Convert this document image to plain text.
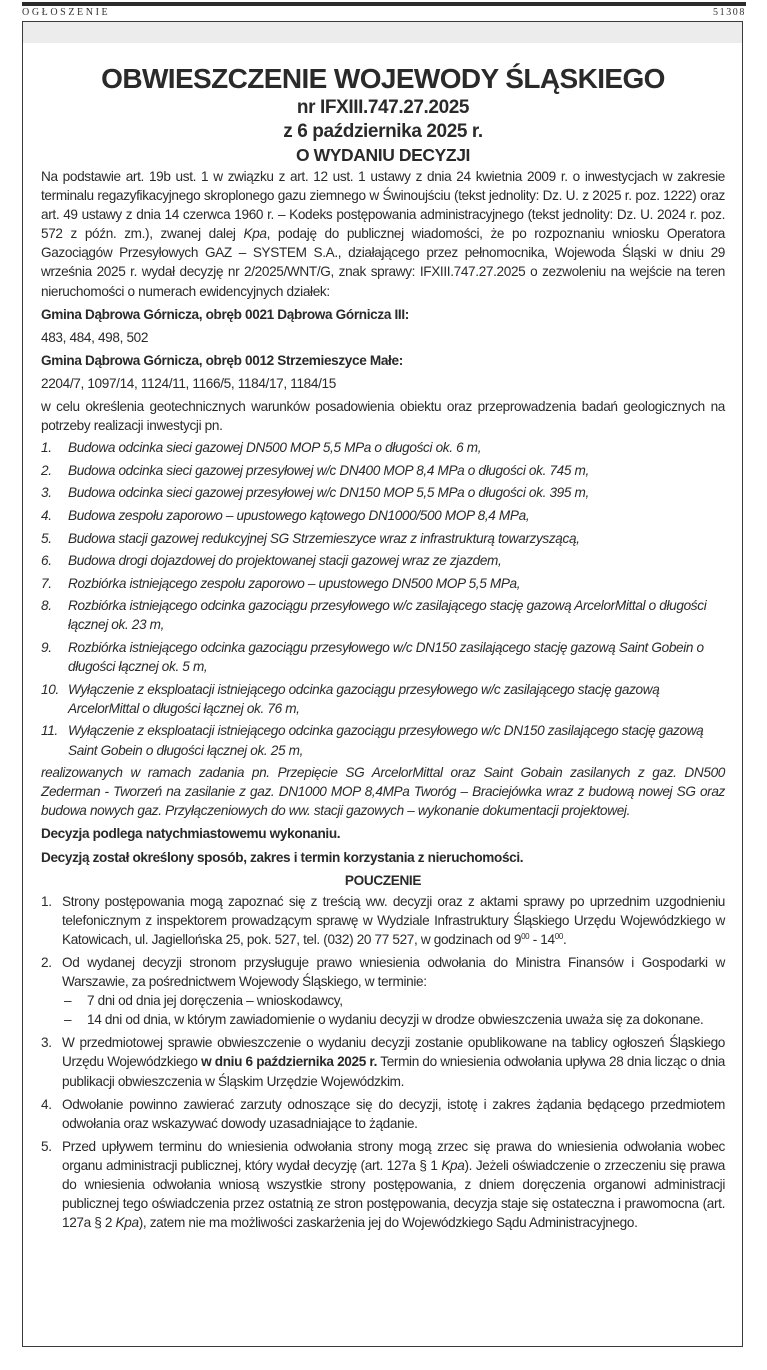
OGŁOSZENIE	51308
OBWIESZCZENIE WOJEWODY ŚLĄSKIEGO
nr IFXIII.747.27.2025
z 6 października 2025 r.
O WYDANIU DECYZJI

Na podstawie art. 19b ust. 1 w związku z art. 12 ust. 1 ustawy z dnia 24 kwietnia 2009 r. o inwestycjach w zakresie terminalu regazyfikacyjnego skroplonego gazu ziemnego w Świnoujściu (tekst jednolity: Dz. U. z 2025 r. poz. 1222) oraz art. 49 ustawy z dnia 14 czerwca 1960 r. – Kodeks postępowania administracyjnego (tekst jednolity: Dz. U. 2024 r. poz. 572 z późn. zm.), zwanej dalej Kpa, podaję do publicznej wiadomości, że po rozpoznaniu wniosku Operatora Gazociągów Przesyłowych GAZ – SYSTEM S.A., działającego przez pełnomocnika, Wojewoda Śląski w dniu 29 września 2025 r. wydał decyzję nr 2/2025/WNT/G, znak sprawy: IFXIII.747.27.2025 o zezwoleniu na wejście na teren nieruchomości o numerach ewidencyjnych działek:

Gmina Dąbrowa Górnicza, obręb 0021 Dąbrowa Górnicza III:

483, 484, 498, 502

Gmina Dąbrowa Górnicza, obręb 0012 Strzemieszyce Małe:

2204/7, 1097/14, 1124/11, 1166/5, 1184/17, 1184/15

w celu określenia geotechnicznych warunków posadowienia obiektu oraz przeprowadzenia badań geologicznych na potrzeby realizacji inwestycji pn.

1.	Budowa odcinka sieci gazowej DN500 MOP 5,5 MPa o długości ok. 6 m,
2.	Budowa odcinka sieci gazowej przesyłowej w/c DN400 MOP 8,4 MPa o długości ok. 745 m,
3.	Budowa odcinka sieci gazowej przesyłowej w/c DN150 MOP 5,5 MPa o długości ok. 395 m,
4.	Budowa zespołu zaporowo – upustowego kątowego DN1000/500 MOP 8,4 MPa,
5.	Budowa stacji gazowej redukcyjnej SG Strzemieszyce wraz z infrastrukturą towarzyszącą,
6.	Budowa drogi dojazdowej do projektowanej stacji gazowej wraz ze zjazdem,
7.	Rozbiórka istniejącego zespołu zaporowo – upustowego DN500 MOP 5,5 MPa,
8.	Rozbiórka istniejącego odcinka gazociągu przesyłowego w/c zasilającego stację gazową ArcelorMittal o długości łącznej ok. 23 m,
9.	Rozbiórka istniejącego odcinka gazociągu przesyłowego w/c DN150 zasilającego stację gazową Saint Gobein o długości łącznej ok. 5 m,
10. Wyłączenie z eksploatacji istniejącego odcinka gazociągu przesyłowego w/c zasilającego stację gazową ArcelorMittal o długości łącznej ok. 76 m,
11. Wyłączenie z eksploatacji istniejącego odcinka gazociągu przesyłowego w/c DN150 zasilającego stację gazową Saint Gobein o długości łącznej ok. 25 m,

realizowanych w ramach zadania pn. Przepięcie SG ArcelorMittal oraz Saint Gobain zasilanych z gaz. DN500 Zederman - Tworzeń na zasilanie z gaz. DN1000 MOP 8,4MPa Tworóg – Braciejówka wraz z budową nowej SG oraz budowa nowych gaz. Przyłączeniowych do ww. stacji gazowych – wykonanie dokumentacji projektowej.

Decyzja podlega natychmiastowemu wykonaniu.

Decyzją został określony sposób, zakres i termin korzystania z nieruchomości.

POUCZENIE

1. Strony postępowania mogą zapoznać się z treścią ww. decyzji oraz z aktami sprawy po uprzednim uzgodnieniu telefonicznym z inspektorem prowadzącym sprawę w Wydziale Infrastruktury Śląskiego Urzędu Wojewódzkiego w Katowicach, ul. Jagiellońska 25, pok. 527, tel. (032) 20 77 527, w godzinach od $9^{00} - 14^{00}$.
2. Od wydanej decyzji stronom przysługuje prawo wniesienia odwołania do Ministra Finansów i Gospodarki w Warszawie, za pośrednictwem Wojewody Śląskiego, w terminie:
–	7 dni od dnia jej doręczenia – wnioskodawcy,
–	14 dni od dnia, w którym zawiadomienie o wydaniu decyzji w drodze obwieszczenia uważa się za dokonane.
3. W przedmiotowej sprawie obwieszczenie o wydaniu decyzji zostanie opublikowane na tablicy ogłoszeń Śląskiego Urzędu Wojewódzkiego w dniu 6 października 2025 r. Termin do wniesienia odwołania upływa 28 dnia licząc o dnia publikacji obwieszczenia w Śląskim Urzędzie Wojewódzkim.
4. Odwołanie powinno zawierać zarzuty odnoszące się do decyzji, istotę i zakres żądania będącego przedmiotem odwołania oraz wskazywać dowody uzasadniające to żądanie.
5. Przed upływem terminu do wniesienia odwołania strony mogą zrzec się prawa do wniesienia odwołania wobec organu administracji publicznej, który wydał decyzję (art. 127a § 1 Kpa). Jeżeli oświadczenie o zrzeczeniu się prawa do wniesienia odwołania wniosą wszystkie strony postępowania, z dniem doręczenia organowi administracji publicznej tego oświadczenia przez ostatnią ze stron postępowania, decyzja staje się ostateczna i prawomocna (art. 127a § 2 Kpa), zatem nie ma możliwości zaskarżenia jej do Wojewódzkiego Sądu Administracyjnego.
